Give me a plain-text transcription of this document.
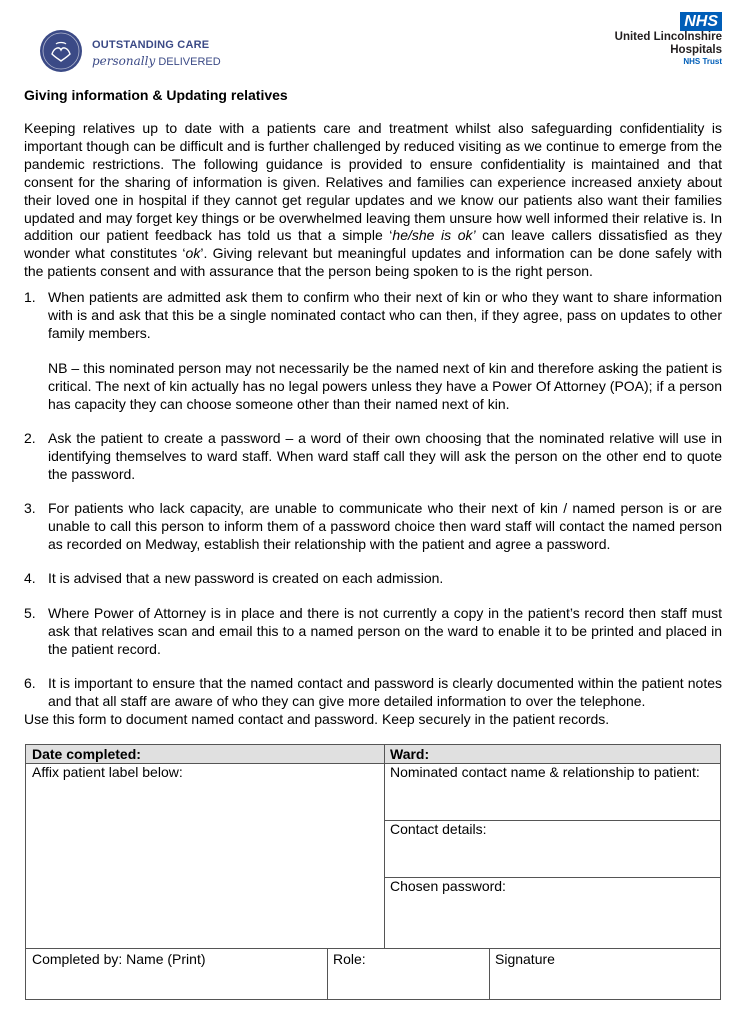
OUTSTANDING CARE
personally DELIVERED
NHS
United Lincolnshire
Hospitals
NHS Trust
Giving information & Updating relatives

Keeping relatives up to date with a patients care and treatment whilst also safeguarding confidentiality is important though can be difficult and is further challenged by reduced visiting as we continue to emerge from the pandemic restrictions. The following guidance is provided to ensure confidentiality is maintained and that consent for the sharing of information is given. Relatives and families can experience increased anxiety about their loved one in hospital if they cannot get regular updates and we know our patients also want their families updated and may forget key things or be overwhelmed leaving them unsure how well informed their relative is. In addition our patient feedback has told us that a simple ‘he/she is ok’ can leave callers dissatisfied as they wonder what constitutes ‘ok’. Giving relevant but meaningful updates and information can be done safely with the patients consent and with assurance that the person being spoken to is the right person.

1. When patients are admitted ask them to confirm who their next of kin or who they want to share information with is and ask that this be a single nominated contact who can then, if they agree, pass on updates to other family members.

NB – this nominated person may not necessarily be the named next of kin and therefore asking the patient is critical. The next of kin actually has no legal powers unless they have a Power Of Attorney (POA); if a person has capacity they can choose someone other than their named next of kin.

2. Ask the patient to create a password – a word of their own choosing that the nominated relative will use in identifying themselves to ward staff. When ward staff call they will ask the person on the other end to quote the password.

3. For patients who lack capacity, are unable to communicate who their next of kin / named person is or are unable to call this person to inform them of a password choice then ward staff will contact the named person as recorded on Medway, establish their relationship with the patient and agree a password.

4. It is advised that a new password is created on each admission.

5. Where Power of Attorney is in place and there is not currently a copy in the patient’s record then staff must ask that relatives scan and email this to a named person on the ward to enable it to be printed and placed in the patient record.

6. It is important to ensure that the named contact and password is clearly documented within the patient notes and that all staff are aware of who they can give more detailed information to over the telephone.

Use this form to document named contact and password. Keep securely in the patient records.
Date completed:	Ward:
Affix patient label below:	Nominated contact name & relationship to patient:
Contact details:
Chosen password:
Completed by: Name (Print)	Role:	Signature
